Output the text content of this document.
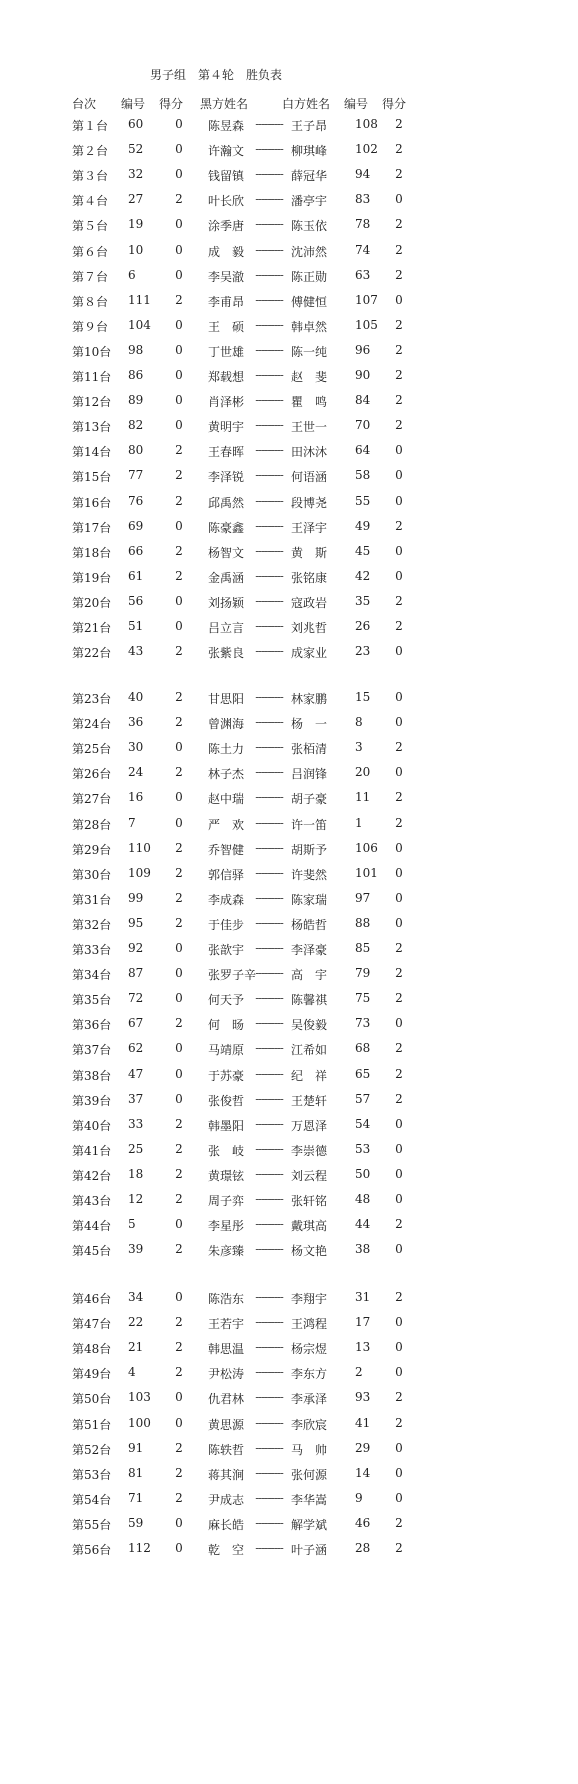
男子组　第４轮　胜负表
台次 编号 得分 黑方姓名	白方姓名 编号 得分
第１台 60	0 陈昱森 --------- 王子昂	108	2
第２台 52	0 许瀚文 --------- 柳琪峰	102	2
第３台 32	0 钱留镇 --------- 薛冠华	94	2
第４台 27	2 叶长欣 --------- 潘亭宇	83	0
第５台 19	0 涂季唐 --------- 陈玉依	78	2
第６台 10	0 成　毅 --------- 沈沛然	74	2
第７台 6	0 李吴澈 --------- 陈正勋	63	2
第８台 111	2 李甫昂 --------- 傅健恒	107	0
第９台 104	0 王　硕 --------- 韩卓然	105	2
第10台 98	0 丁世雄 --------- 陈一纯	96	2
第11台 86	0 郑载想 --------- 赵　斐	90	2
第12台 89	0 肖泽彬 --------- 瞿　鸣	84	2
第13台 82	0 黄明宇 --------- 王世一	70	2
第14台 80	2 王春晖 --------- 田沐沐	64	0
第15台 77	2 李泽锐 --------- 何语涵	58	0
第16台 76	2 邱禹然 --------- 段博尧	55	0
第17台 69	0 陈豪鑫 --------- 王泽宇	49	2
第18台 66	2 杨智文 --------- 黄　斯	45	0
第19台 61	2 金禹涵 --------- 张铭康	42	0
第20台 56	0 刘扬颖 --------- 寇政岩	35	2
第21台 51	0 吕立言 --------- 刘兆哲	26	2
第22台 43	2 张紫良 --------- 成家业	23	0
第23台 40	2 甘思阳 --------- 林家鹏	15	0
第24台 36	2 曾渊海 --------- 杨　一	8	0
第25台 30	0 陈土力 --------- 张栢清	3	2
第26台 24	2 林子杰 --------- 吕润锋	20	0
第27台 16	0 赵中瑞 --------- 胡子豪	11	2
第28台 7	0 严　欢 --------- 许一笛	1	2
第29台 110	2 乔智健 --------- 胡斯予	106	0
第30台 109	2 郭信驿 --------- 许斐然	101	0
第31台 99	2 李成森 --------- 陈家瑞	97	0
第32台 95	2 于佳步 --------- 杨皓哲	88	0
第33台 92	0 张歆宇 --------- 李泽豪	85	2
第34台 87	0 张罗子辛 --------- 高　宇	79	2
第35台 72	0 何天予 --------- 陈馨祺	75	2
第36台 67	2 何　旸 --------- 吴俊毅	73	0
第37台 62	0 马靖原 --------- 江希如	68	2
第38台 47	0 于苏豪 --------- 纪　祥	65	2
第39台 37	0 张俊哲 --------- 王楚轩	57	2
第40台 33	2 韩墨阳 --------- 万恩泽	54	0
第41台 25	2 张　岐 --------- 李崇德	53	0
第42台 18	2 黄璟铉 --------- 刘云程	50	0
第43台 12	2 周子弈 --------- 张轩铭	48	0
第44台 5	0 李星彤 --------- 戴琪高	44	2
第45台 39	2 朱彦臻 --------- 杨文艳	38	0
第46台 34	0 陈浩东 --------- 李翔宇	31	2
第47台 22	2 王若宇 --------- 王鸿程	17	0
第48台 21	2 韩思温 --------- 杨宗煜	13	0
第49台 4	2 尹松涛 --------- 李东方	2	0
第50台 103	0 仇君林 --------- 李承泽	93	2
第51台 100	0 黄思源 --------- 李欣宸	41	2
第52台 91	2 陈轶哲 --------- 马　帅	29	0
第53台 81	2 蒋其涧 --------- 张何源	14	0
第54台 71	2 尹成志 --------- 李华嵩	9	0
第55台 59	0 麻长皓 --------- 解学斌	46	2
第56台 112	0 乾　空 --------- 叶子涵	28	2
